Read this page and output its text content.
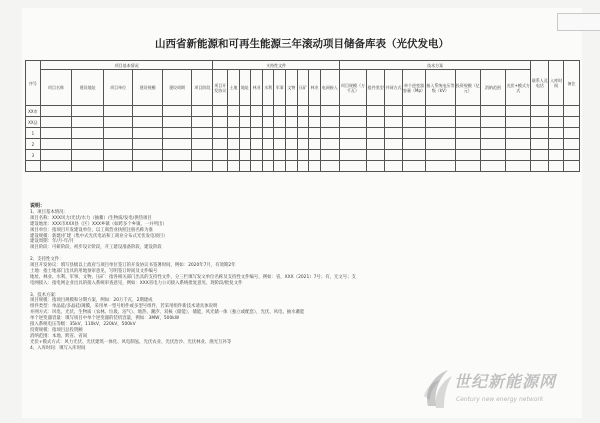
山西省新能源和可再生能源三年滚动项目储备库表（光伏发电）
序号	项目基本情况						支持性文件										技术方案								联系人及电话	入库时间	备注
	项目名称	建设地址	项目单位	建设规模	建设周期	项目阶段	项目开发协议	土地	地址	林业	水利	军事	文物	压矿	林业	电网接入	项目规模（万千瓦）	组件类型	并网方式	单个逆变器容量（Mp）	接入系统电压等级（kV）	投资规模（亿元）	消纳范围	光伏+模式方式			
XX市																											
XX县																											
1																											
2																											
3																											

说明：
1、项目基本情况：
项目名称：XXX风力/光伏/水力（抽蓄）/生物质/发电/供热项目
建设地址：XXX市XXX县（区）XXX乡镇（如跨多个乡镇，一并列出）
项目单位：指项目开发建设单位，以工商营业执照注册名称为准
建设规模：新建/扩建（集中式光伏电站和工商业分布式光伏发电项目）
建设周期：年/月-年/月
项目阶段：可研阶段，初步设计阶段，开工建设准备阶段，建设阶段
2、支持性文件：
项目开发协议：填写县级以上政府与项目单位签订的开发协议书签署时间，例如：2020年7月，有效期2年
土地：指土地部门出具的用地预审意见，写明签订时间及文件编号
地址、林业、水利、军事、文物、压矿：指各相关部门出具的支持性文件，分三栏填写发文单位名称及支持性文件编号，例如：省，XXX（2021）7号；有，无文号；支
电网接入：指电网企业出具的接入系统审查意见，例如：XXX省电力公司接入系统批复意见、现阶段/批复文件
3、技术方案：
项目规模：指项目规模和分期方案，例如：20万千瓦，2期建成
组件类型：单晶硅/多晶硅/薄膜，采用单一型号组件或多型号组件，若采用组件新技术请具体说明
并网方式：风电、光伏、生物质（农林、垃圾、沼气）、地热、潮汐、双核（储能），储能，风光储一体（独立或配套），光伏、风电、抽水蓄能
单个逆变器容量：填写项目中单个逆变器的装机容量，例如：3MW，500kW
接入系统电压等级：35kV，110kV，220kV，500kV
投资规模：指项目总投资额
消纳范围：本地、跨省、省间
光伏+模式方式：风力光伏、光伏建筑一体化、风电制氢、光伏农业、光伏治沙、光伏林业、渔光互补等
4、入库时间：填写入库时间
世纪新能源网
Century new energy network
